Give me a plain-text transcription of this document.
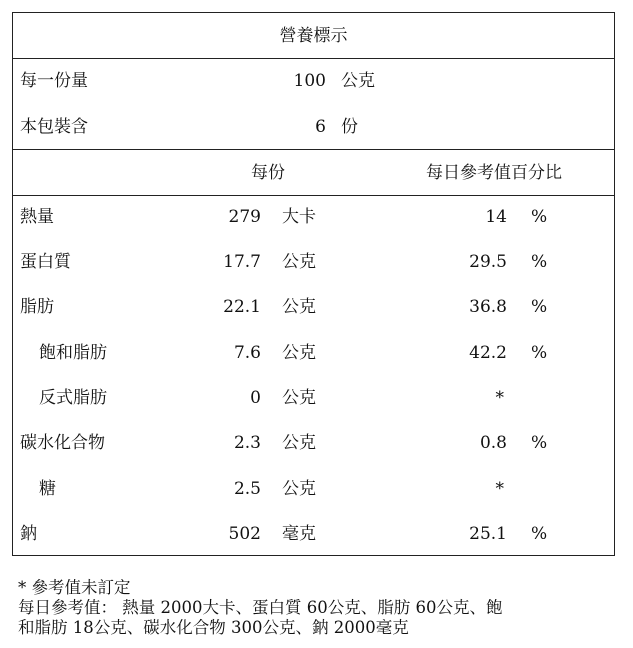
營養標示
每一份量	100 公克
本包裝含	6 份
每份	每日參考值百分比
熱量	279 大卡	14 %
蛋白質	17.7 公克	29.5 %
脂肪	22.1 公克	36.8 %
飽和脂肪	7.6 公克	42.2 %
反式脂肪	0 公克	*
碳水化合物	2.3 公克	0.8 %
糖	2.5 公克	*
鈉	502 毫克	25.1 %
* 參考值未訂定
每日參考值： 熱量 2000大卡、蛋白質 60公克、脂肪 60公克、飽
和脂肪 18公克、碳水化合物 300公克、鈉 2000毫克
